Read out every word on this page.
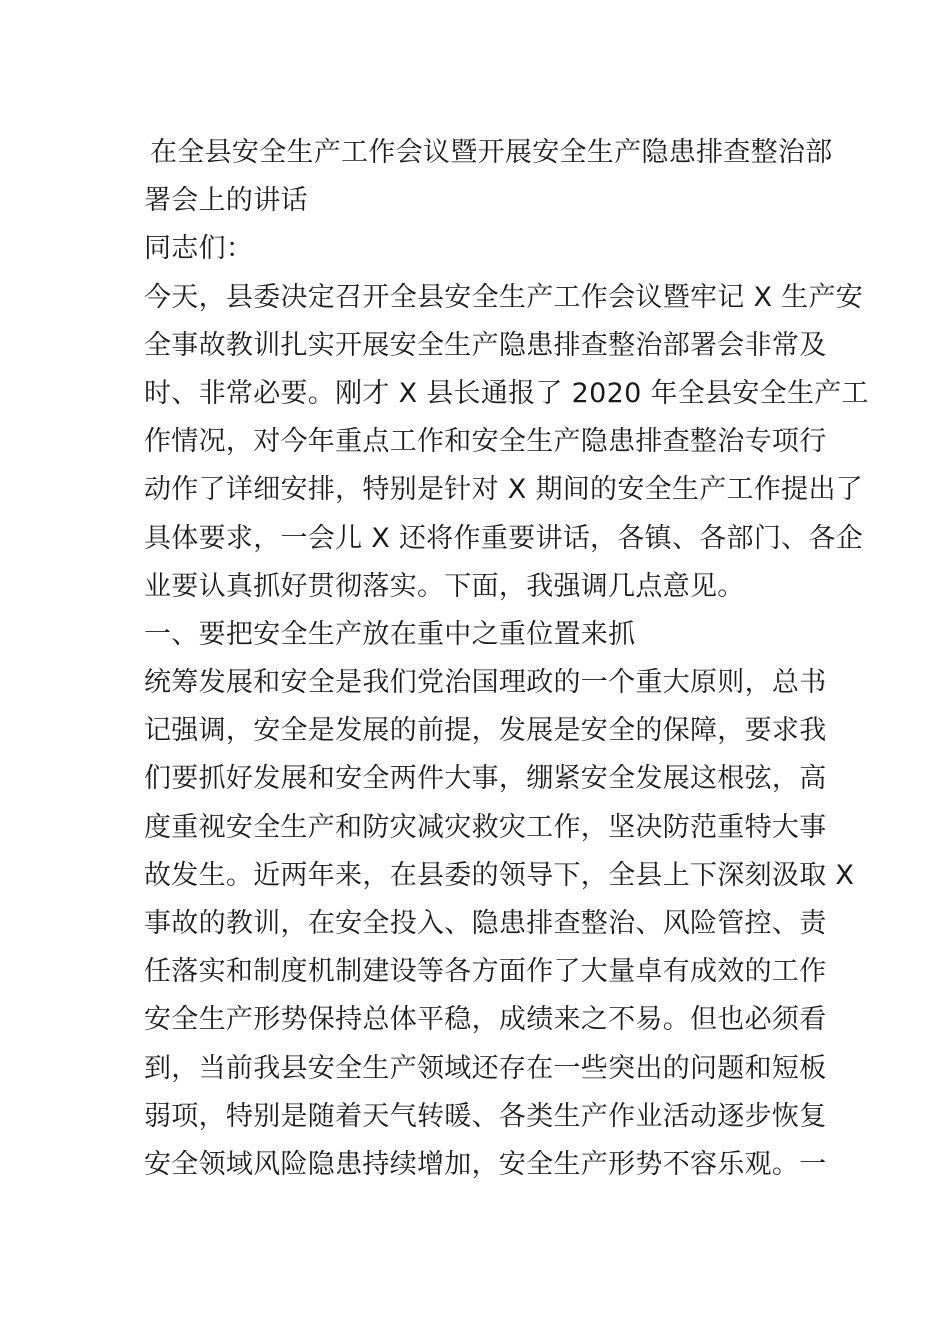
在全县安全生产工作会议暨开展安全生产隐患排查整治部
署会上的讲话
同志们：
今天，县委决定召开全县安全生产工作会议暨牢记 X 生产安
全事故教训扎实开展安全生产隐患排查整治部署会非常及
时、非常必要。刚才 X 县长通报了 2020 年全县安全生产工
作情况，对今年重点工作和安全生产隐患排查整治专项行
动作了详细安排，特别是针对 X 期间的安全生产工作提出了
具体要求，一会儿 X 还将作重要讲话，各镇、各部门、各企
业要认真抓好贯彻落实。下面，我强调几点意见。
一、要把安全生产放在重中之重位置来抓
统筹发展和安全是我们党治国理政的一个重大原则，总书
记强调，安全是发展的前提，发展是安全的保障，要求我
们要抓好发展和安全两件大事，绷紧安全发展这根弦，高
度重视安全生产和防灾减灾救灾工作，坚决防范重特大事
故发生。近两年来，在县委的领导下，全县上下深刻汲取 X
事故的教训，在安全投入、隐患排查整治、风险管控、责
任落实和制度机制建设等各方面作了大量卓有成效的工作
安全生产形势保持总体平稳，成绩来之不易。但也必须看
到，当前我县安全生产领域还存在一些突出的问题和短板
弱项，特别是随着天气转暖、各类生产作业活动逐步恢复
安全领域风险隐患持续增加，安全生产形势不容乐观。一
